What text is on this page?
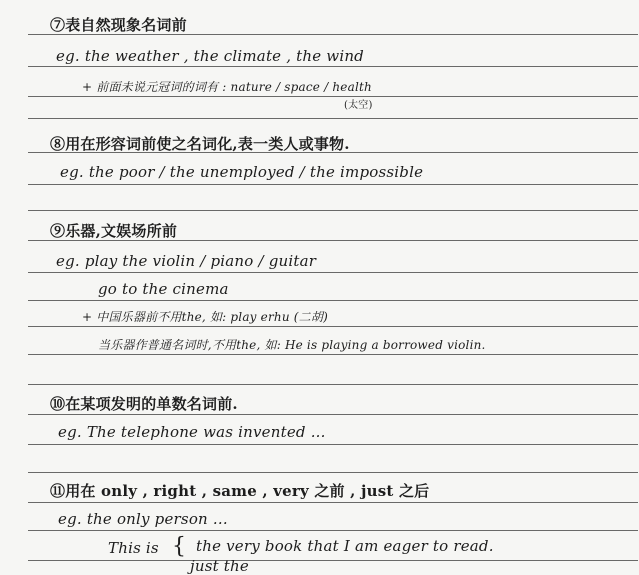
⑦表自然现象名词前
eg. the weather , the climate , the wind
+ 前面未说元冠词的词有 : nature / space / health
(太空)
⑧用在形容词前使之名词化,表一类人或事物.
eg. the poor / the unemployed / the impossible
⑨乐器,文娱场所前
eg. play the violin / piano / guitar
go to the cinema
+ 中国乐器前不用the, 如: play erhu (二胡)
当乐器作普通名词时,不用the, 如: He is playing a borrowed violin.
⑩在某项发明的单数名词前.
eg. The telephone was invented ...
⑪用在 only , right , same , very 之前 , just 之后
eg. the only person ...
This is { the very book that I am eager to read.
just the
